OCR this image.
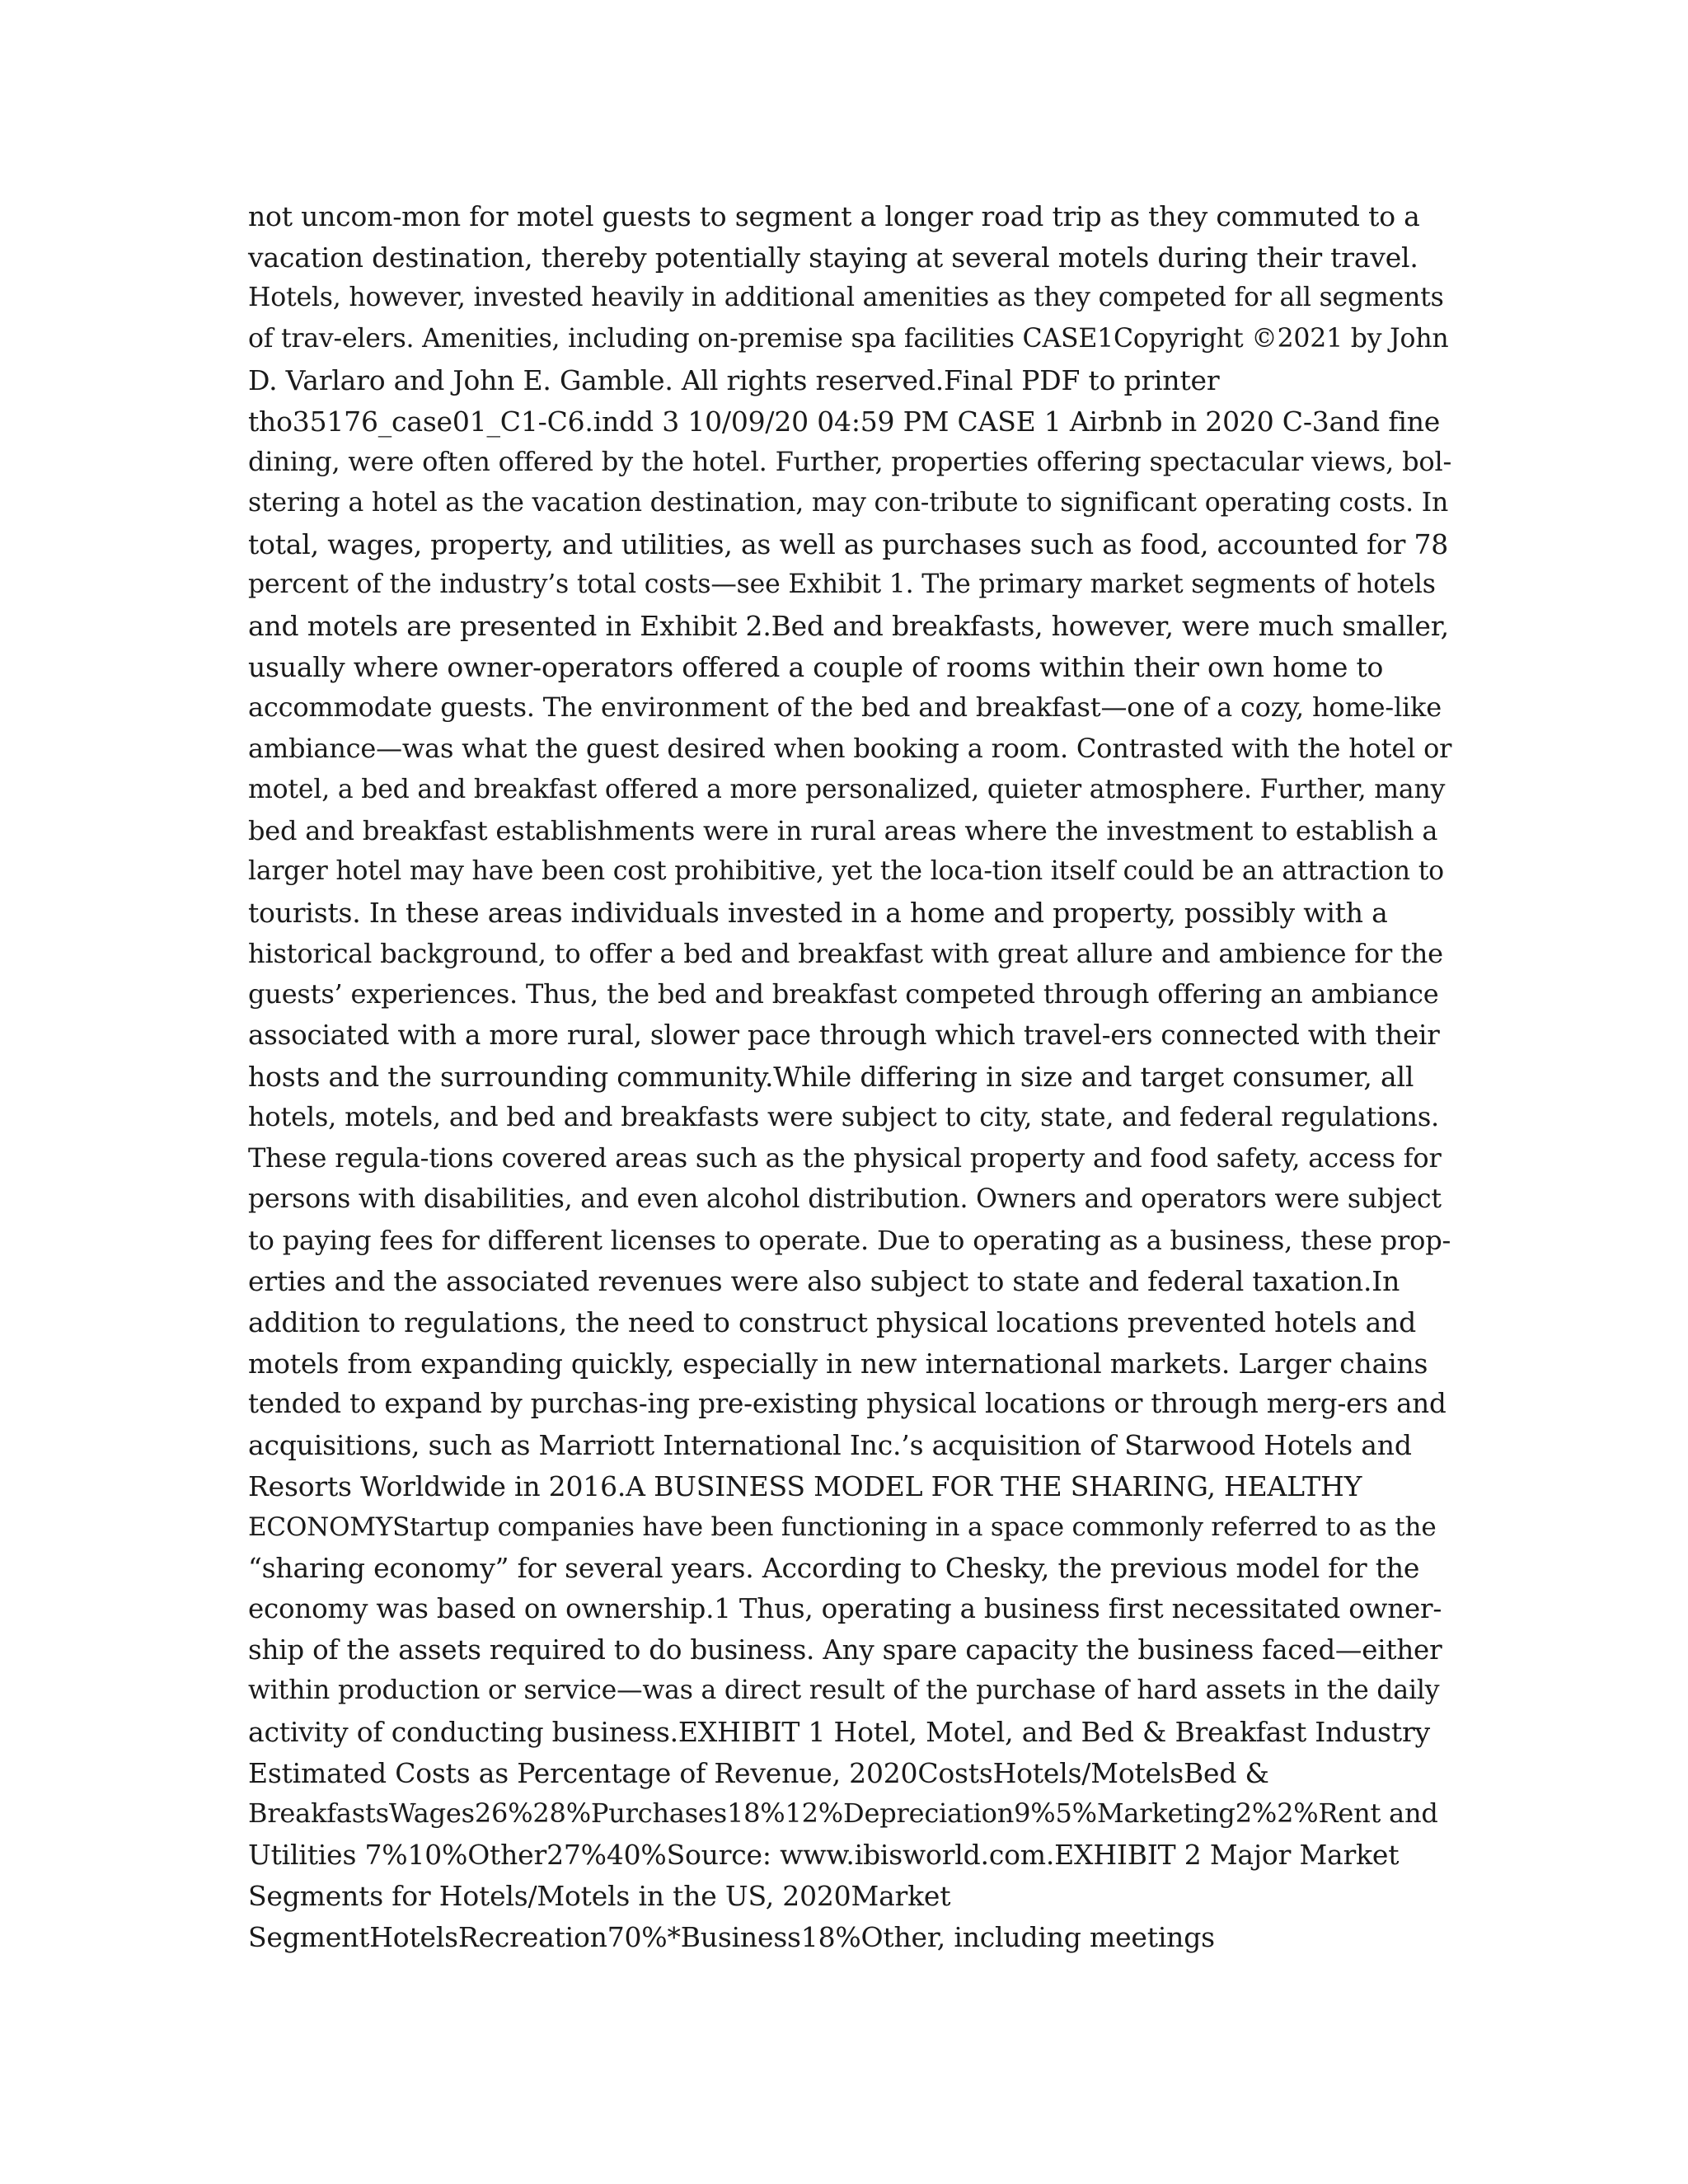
not uncom-mon for motel guests to segment a longer road trip as they commuted to a
vacation destination, thereby potentially staying at several motels during their travel.
Hotels, however, invested heavily in additional amenities as they competed for all segments
of trav-elers. Amenities, including on-premise spa facilities CASE1Copyright ©2021 by John
D. Varlaro and John E. Gamble. All rights reserved.Final PDF to printer
tho35176_case01_C1-C6.indd 3 10/09/20 04:59 PM CASE 1 Airbnb in 2020 C-3and fine
dining, were often offered by the hotel. Further, properties offering spectacular views, bol-
stering a hotel as the vacation destination, may con-tribute to significant operating costs. In
total, wages, property, and utilities, as well as purchases such as food, accounted for 78
percent of the industry’s total costs—see Exhibit 1. The primary market segments of hotels
and motels are presented in Exhibit 2.Bed and breakfasts, however, were much smaller,
usually where owner-operators offered a couple of rooms within their own home to
accommodate guests. The environment of the bed and breakfast—one of a cozy, home-like
ambiance—was what the guest desired when booking a room. Contrasted with the hotel or
motel, a bed and breakfast offered a more personalized, quieter atmosphere. Further, many
bed and breakfast establishments were in rural areas where the investment to establish a
larger hotel may have been cost prohibitive, yet the loca-tion itself could be an attraction to
tourists. In these areas individuals invested in a home and property, possibly with a
historical background, to offer a bed and breakfast with great allure and ambience for the
guests’ experiences. Thus, the bed and breakfast competed through offering an ambiance
associated with a more rural, slower pace through which travel-ers connected with their
hosts and the surrounding community.While differing in size and target consumer, all
hotels, motels, and bed and breakfasts were subject to city, state, and federal regulations.
These regula-tions covered areas such as the physical property and food safety, access for
persons with disabilities, and even alcohol distribution. Owners and operators were subject
to paying fees for different licenses to operate. Due to operating as a business, these prop-
erties and the associated revenues were also subject to state and federal taxation.In
addition to regulations, the need to construct physical locations prevented hotels and
motels from expanding quickly, especially in new international markets. Larger chains
tended to expand by purchas-ing pre-existing physical locations or through merg-ers and
acquisitions, such as Marriott International Inc.’s acquisition of Starwood Hotels and
Resorts Worldwide in 2016.A BUSINESS MODEL FOR THE SHARING, HEALTHY
ECONOMYStartup companies have been functioning in a space commonly referred to as the
“sharing economy” for several years. According to Chesky, the previous model for the
economy was based on ownership.1 Thus, operating a business first necessitated owner-
ship of the assets required to do business. Any spare capacity the business faced—either
within production or service—was a direct result of the purchase of hard assets in the daily
activity of conducting business.EXHIBIT 1 Hotel, Motel, and Bed & Breakfast Industry
Estimated Costs as Percentage of Revenue, 2020CostsHotels/MotelsBed &
BreakfastsWages26%28%Purchases18%12%Depreciation9%5%Marketing2%2%Rent and
Utilities 7%10%Other27%40%Source: www.ibisworld.com.EXHIBIT 2 Major Market
Segments for Hotels/Motels in the US, 2020Market
SegmentHotelsRecreation70%*Business18%Other, including meetings
